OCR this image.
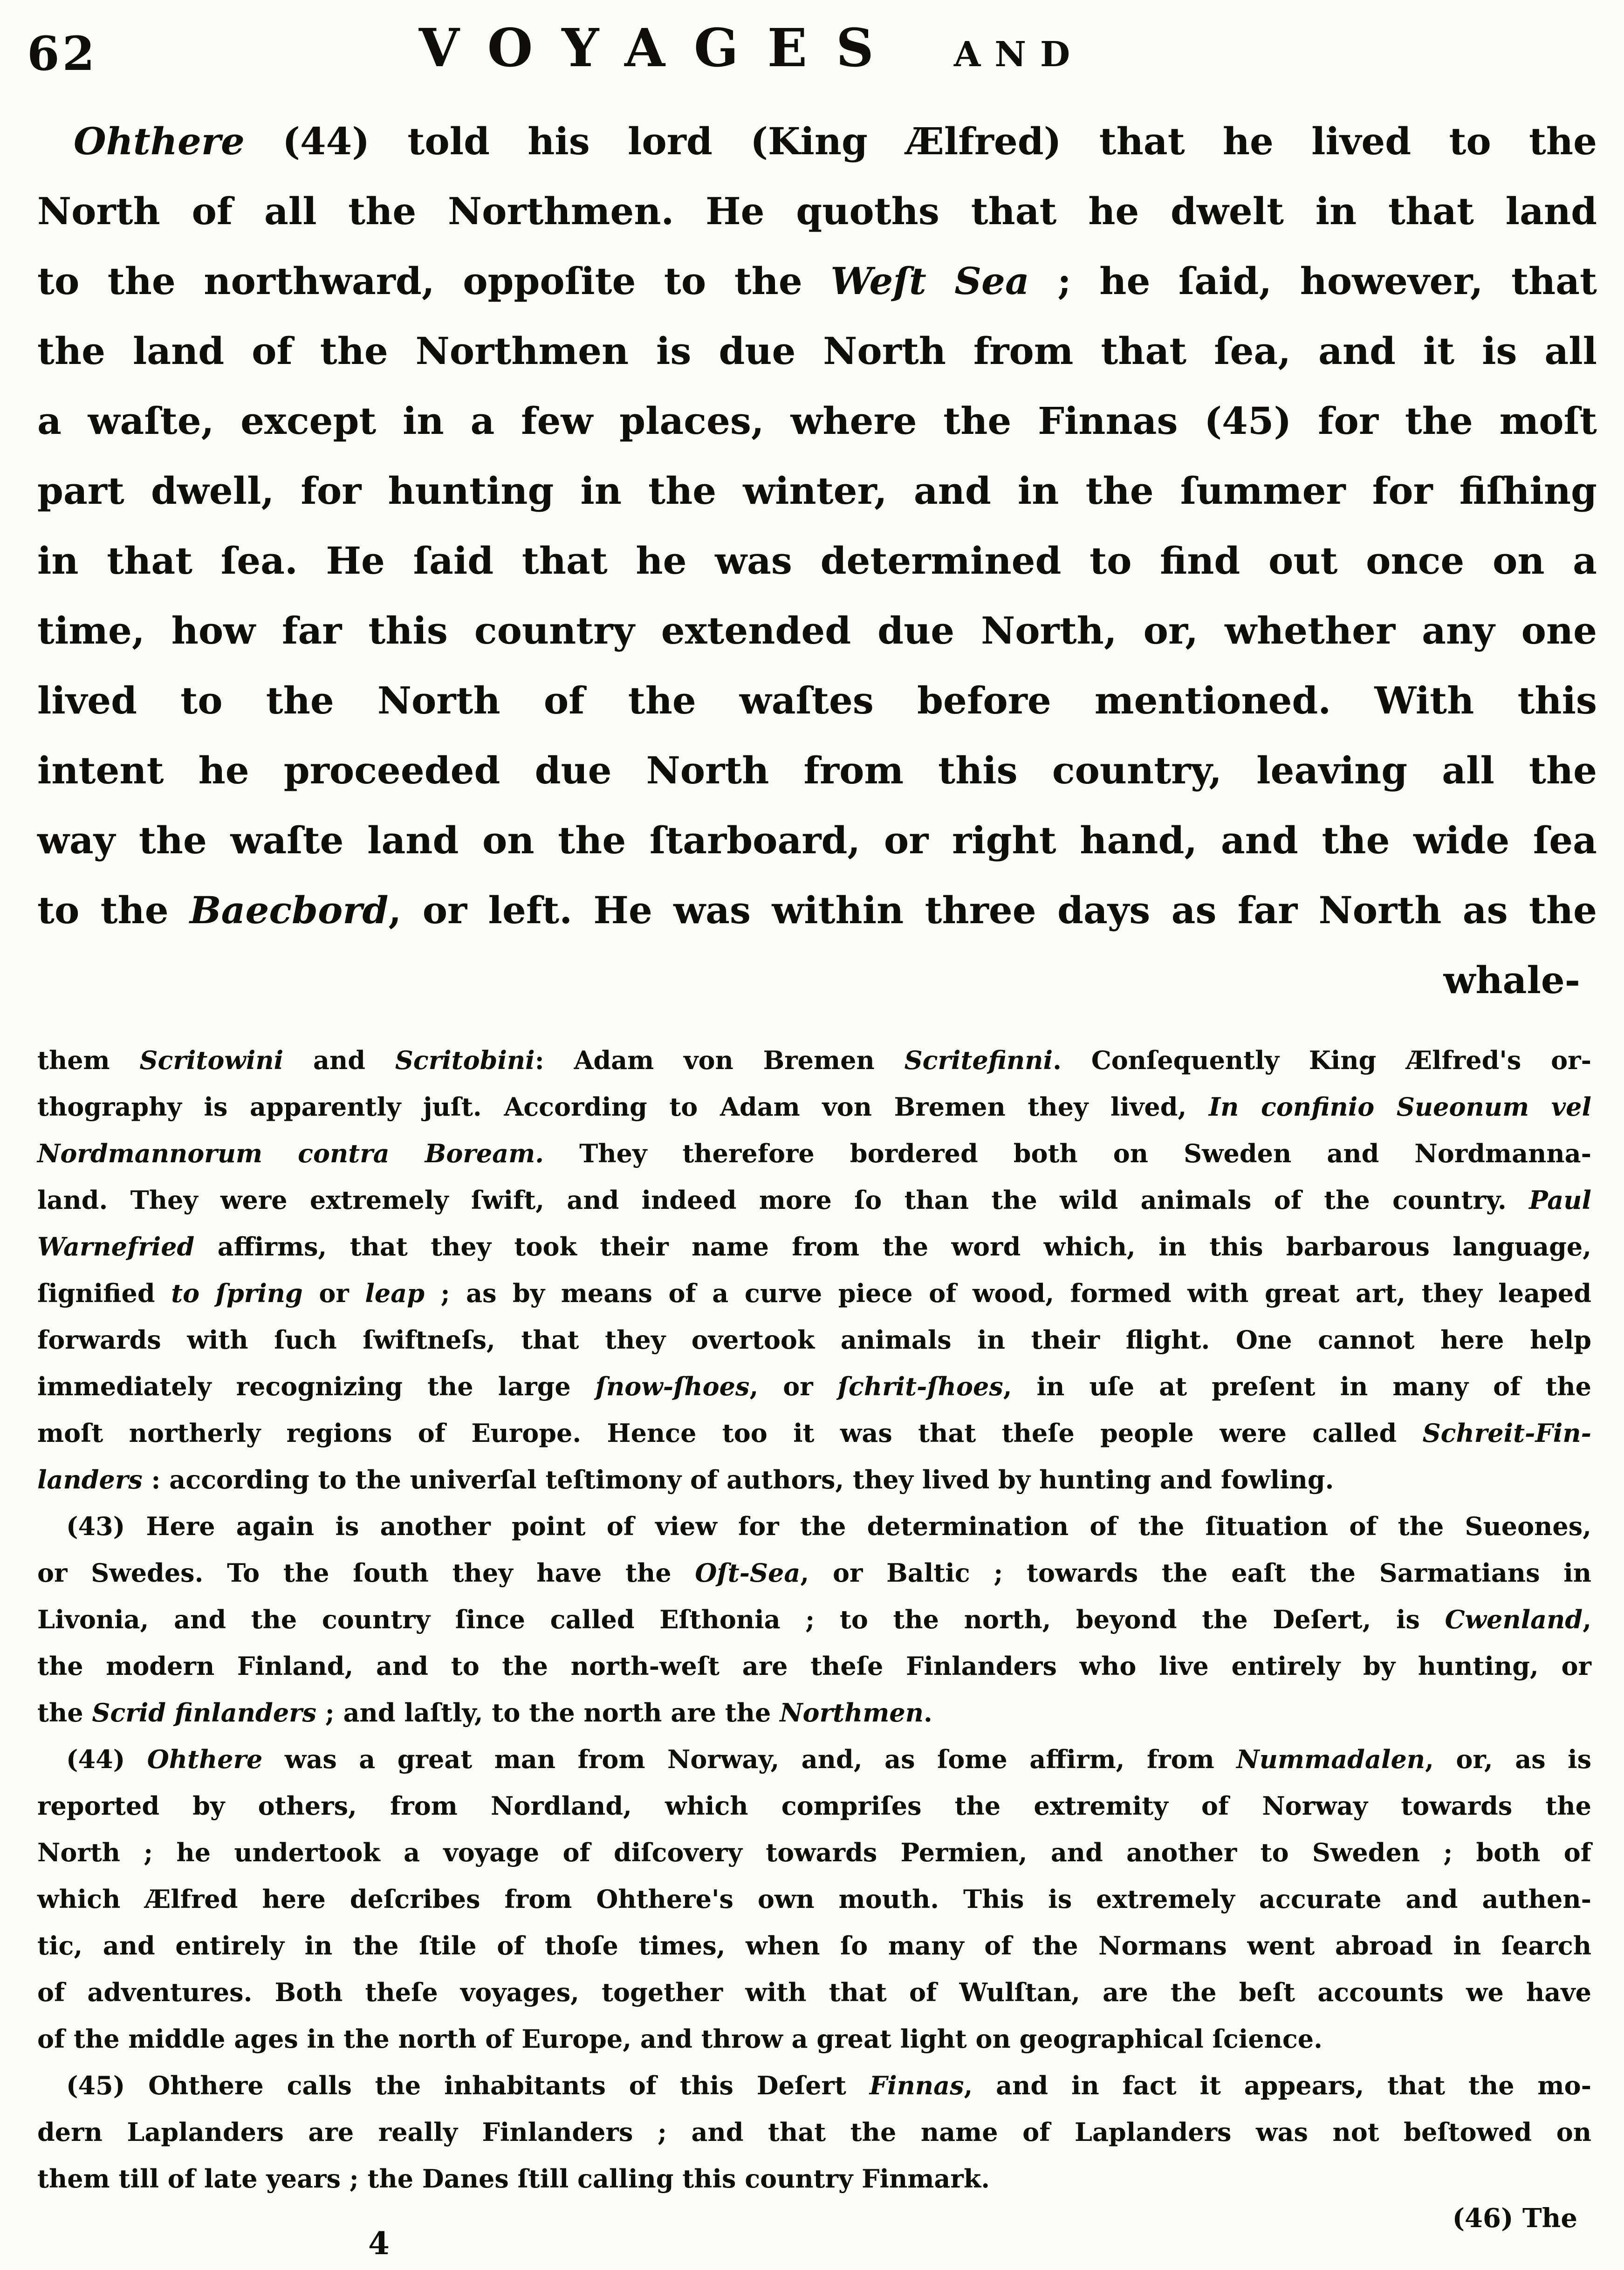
62	VOYAGES AND
Ohthere (44) told his lord (King Ælfred) that he lived to the
North of all the Northmen. He quoths that he dwelt in that land
to the northward, oppoſite to the Weſt Sea ; he ſaid, however, that
the land of the Northmen is due North from that ſea, and it is all
a waſte, except in a few places, where the Finnas (45) for the moſt
part dwell, for hunting in the winter, and in the ſummer for fiſhing
in that ſea. He ſaid that he was determined to find out once on a
time, how far this country extended due North, or, whether any one
lived to the North of the waſtes before mentioned. With this
intent he proceeded due North from this country, leaving all the
way the waſte land on the ſtarboard, or right hand, and the wide ſea
to the Baecbord, or left. He was within three days as far North as the
whale-
them Scritowini and Scritobini: Adam von Bremen Scritefinni. Conſequently King Ælfred's or-
thography is apparently juſt. According to Adam von Bremen they lived, In confinio Sueonum vel
Nordmannorum contra Boream. They therefore bordered both on Sweden and Nordmanna-
land. They were extremely ſwift, and indeed more ſo than the wild animals of the country. Paul
Warnefried affirms, that they took their name from the word which, in this barbarous language,
ſignified to ſpring or leap ; as by means of a curve piece of wood, formed with great art, they leaped
forwards with ſuch ſwiftneſs, that they overtook animals in their flight. One cannot here help
immediately recognizing the large ſnow-ſhoes, or ſchrit-ſhoes, in uſe at preſent in many of the
moſt northerly regions of Europe. Hence too it was that theſe people were called Schreit-Fin-
landers : according to the univerſal teſtimony of authors, they lived by hunting and fowling.
(43) Here again is another point of view for the determination of the ſituation of the Sueones,
or Swedes. To the ſouth they have the Oſt-Sea, or Baltic ; towards the eaſt the Sarmatians in
Livonia, and the country ſince called Eſthonia ; to the north, beyond the Deſert, is Cwenland,
the modern Finland, and to the north-weſt are theſe Finlanders who live entirely by hunting, or
the Scrid finlanders ; and laſtly, to the north are the Northmen.
(44) Ohthere was a great man from Norway, and, as ſome affirm, from Nummadalen, or, as is
reported by others, from Nordland, which compriſes the extremity of Norway towards the
North ; he undertook a voyage of diſcovery towards Permien, and another to Sweden ; both of
which Ælfred here deſcribes from Ohthere's own mouth. This is extremely accurate and authen-
tic, and entirely in the ſtile of thoſe times, when ſo many of the Normans went abroad in ſearch
of adventures. Both theſe voyages, together with that of Wulſtan, are the beſt accounts we have
of the middle ages in the north of Europe, and throw a great light on geographical ſcience.
(45) Ohthere calls the inhabitants of this Deſert Finnas, and in fact it appears, that the mo-
dern Laplanders are really Finlanders ; and that the name of Laplanders was not beſtowed on
them till of late years ; the Danes ſtill calling this country Finmark.
(46) The
4
